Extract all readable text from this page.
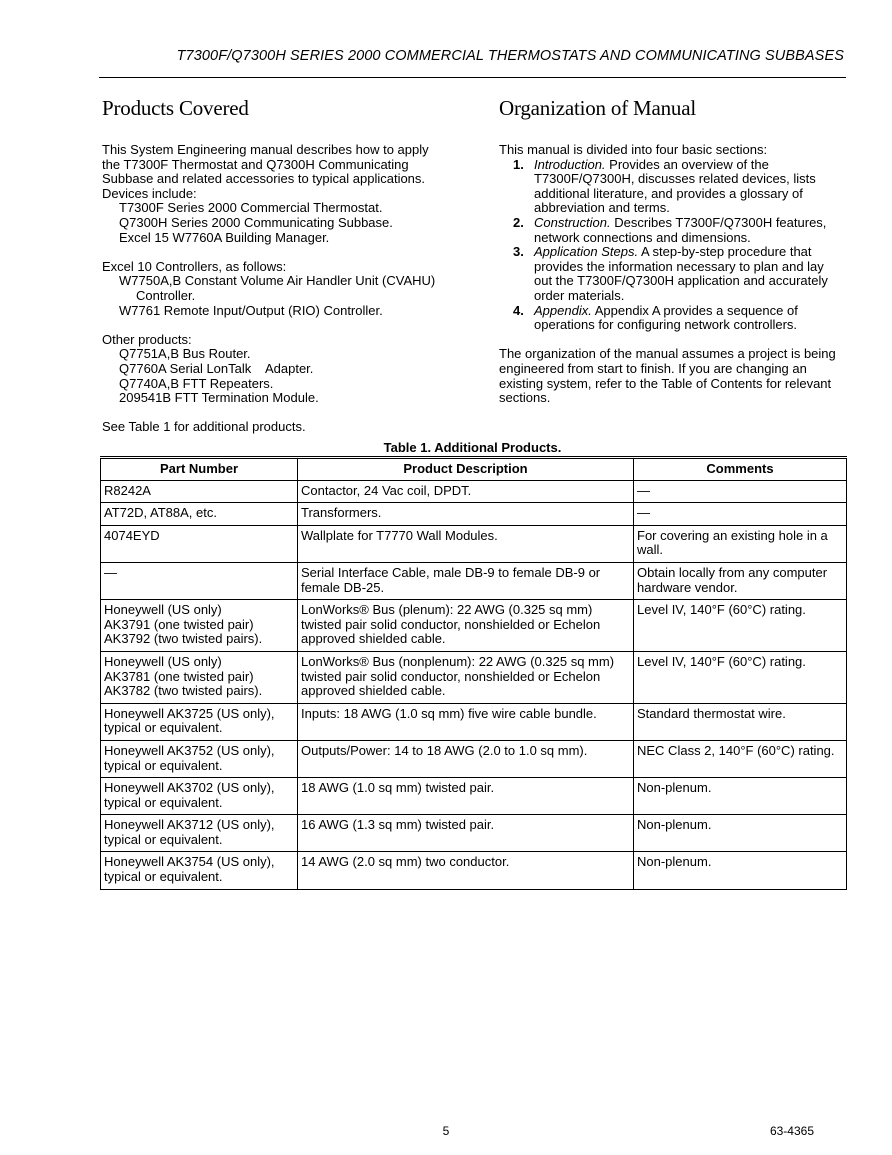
T7300F/Q7300H SERIES 2000 COMMERCIAL THERMOSTATS AND COMMUNICATING SUBBASES
Products Covered

This System Engineering manual describes how to apply
the T7300F Thermostat and Q7300H Communicating
Subbase and related accessories to typical applications.
Devices include:

T7300F Series 2000 Commercial Thermostat.

Q7300H Series 2000 Communicating Subbase.

Excel 15 W7760A Building Manager.

Excel 10 Controllers, as follows:

W7750A,B Constant Volume Air Handler Unit (CVAHU)

Controller.

W7761 Remote Input/Output (RIO) Controller.

Other products:

Q7751A,B Bus Router.

Q7760A Serial LonTalk    Adapter.

Q7740A,B FTT Repeaters.

209541B FTT Termination Module.

See Table 1 for additional products.

Organization of Manual

This manual is divided into four basic sections:

1. Introduction. Provides an overview of the
T7300F/Q7300H, discusses related devices, lists
additional literature, and provides a glossary of
abbreviation and terms.
2. Construction. Describes T7300F/Q7300H features,
network connections and dimensions.
3. Application Steps. A step-by-step procedure that
provides the information necessary to plan and lay
out the T7300F/Q7300H application and accurately
order materials.
4. Appendix. Appendix A provides a sequence of
operations for configuring network controllers.

The organization of the manual assumes a project is being
engineered from start to finish. If you are changing an
existing system, refer to the Table of Contents for relevant
sections.

Table 1. Additional Products.
Part Number	Product Description	Comments

R8242A	Contactor, 24 Vac coil, DPDT.	—

AT72D, AT88A, etc.	Transformers.	—

4074EYD	Wallplate for T7770 Wall Modules.	For covering an existing hole in a
wall.

—	Serial Interface Cable, male DB-9 to female DB-9 or
female DB-25.	Obtain locally from any computer
hardware vendor.

Honeywell (US only)
AK3791 (one twisted pair)
AK3792 (two twisted pairs).	LonWorks® Bus (plenum): 22 AWG (0.325 sq mm)
twisted pair solid conductor, nonshielded or Echelon
approved shielded cable.	Level IV, 140°F (60°C) rating.

Honeywell (US only)
AK3781 (one twisted pair)
AK3782 (two twisted pairs).	LonWorks® Bus (nonplenum): 22 AWG (0.325 sq mm)
twisted pair solid conductor, nonshielded or Echelon
approved shielded cable.	Level IV, 140°F (60°C) rating.

Honeywell AK3725 (US only),
typical or equivalent.	Inputs: 18 AWG (1.0 sq mm) five wire cable bundle.	Standard thermostat wire.

Honeywell AK3752 (US only),
typical or equivalent.	Outputs/Power: 14 to 18 AWG (2.0 to 1.0 sq mm).	NEC Class 2, 140°F (60°C) rating.

Honeywell AK3702 (US only),
typical or equivalent.	18 AWG (1.0 sq mm) twisted pair.	Non-plenum.

Honeywell AK3712 (US only),
typical or equivalent.	16 AWG (1.3 sq mm) twisted pair.	Non-plenum.

Honeywell AK3754 (US only),
typical or equivalent.	14 AWG (2.0 sq mm) two conductor.	Non-plenum.
5	63-4365
